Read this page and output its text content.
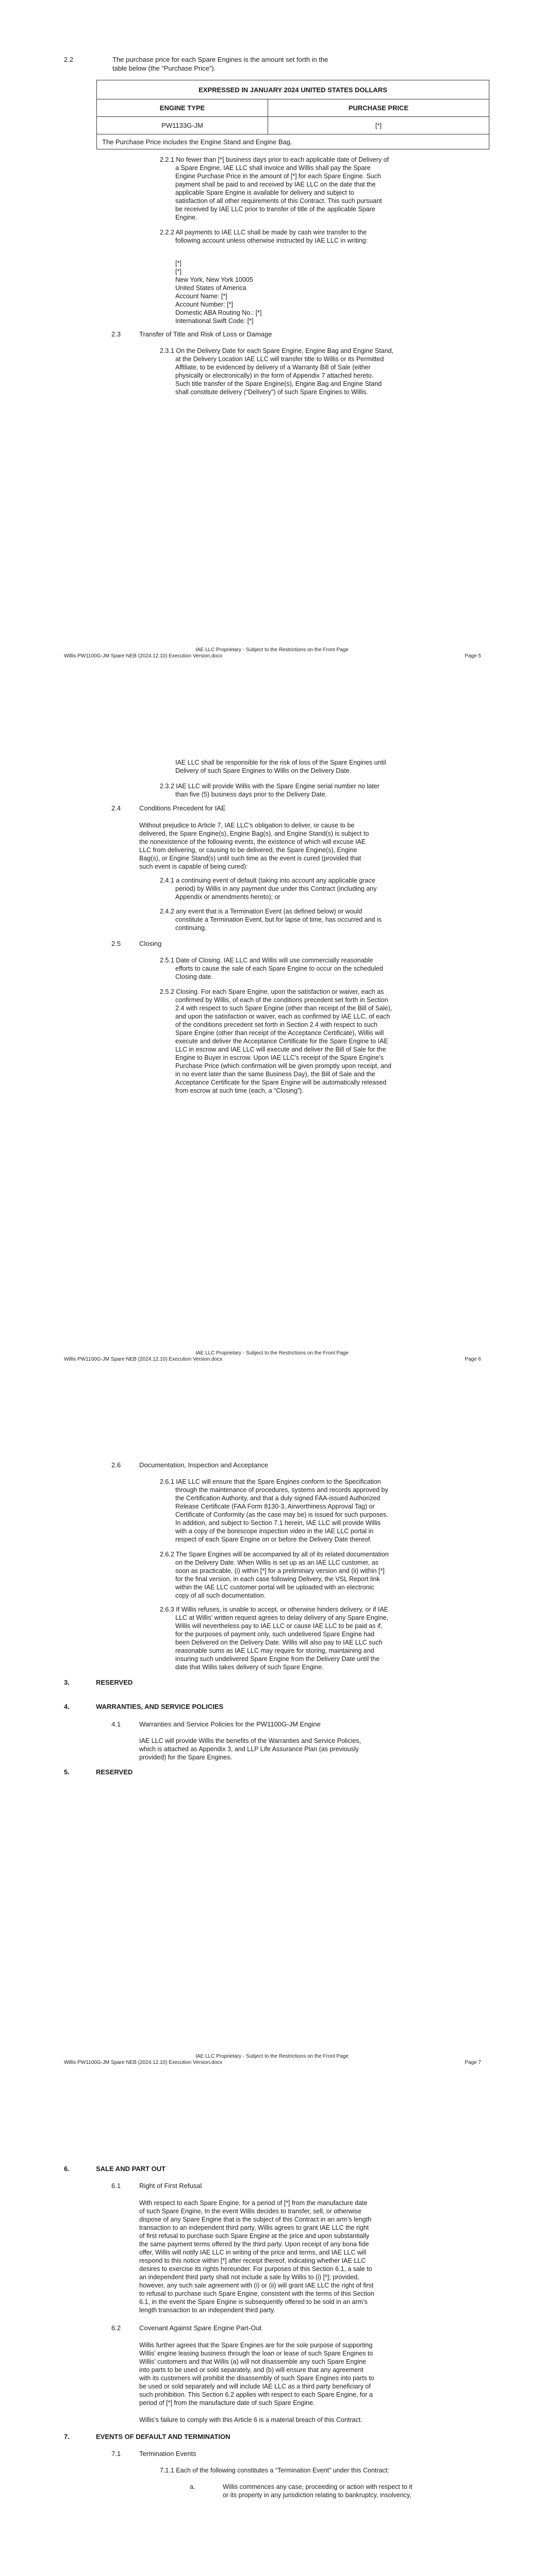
2.2	The purchase price for each Spare Engines is the amount set forth in the
table below (the “Purchase Price”).
EXPRESSED IN JANUARY 2024 UNITED STATES DOLLARS	
ENGINE TYPE	PURCHASE PRICE
PW1133G-JM	[*]
The Purchase Price includes the Engine Stand and Engine Bag.	
2.2.1 No fewer than [*] business days prior to each applicable date of Delivery of
a Spare Engine, IAE LLC shall invoice and Willis shall pay the Spare
Engine Purchase Price in the amount of [*] for each Spare Engine. Such
payment shall be paid to and received by IAE LLC on the date that the
applicable Spare Engine is available for delivery and subject to
satisfaction of all other requirements of this Contract. This such pursuant
be received by IAE LLC prior to transfer of title of the applicable Spare
Engine.
2.2.2 All payments to IAE LLC shall be made by cash wire transfer to the
following account unless otherwise instructed by IAE LLC in writing:
[*]
[*]
New York, New York 10005
United States of America
Account Name: [*]
Account Number: [*]
Domestic ABA Routing No.: [*]
International Swift Code: [*]
2.3	Transfer of Title and Risk of Loss or Damage
2.3.1 On the Delivery Date for each Spare Engine, Engine Bag and Engine Stand,
at the Delivery Location IAE LLC will transfer title to Willis or its Permitted
Affiliate, to be evidenced by delivery of a Warranty Bill of Sale (either
physically or electronically) in the form of Appendix 7 attached hereto.
Such title transfer of the Spare Engine(s), Engine Bag and Engine Stand
shall constitute delivery (“Delivery”) of such Spare Engines to Willis.
IAE LLC Proprietary - Subject to the Restrictions on the Front Page
Willis PW1100G-JM Spare NEB (2024.12.10) Execution Version.docx	Page 5
IAE LLC shall be responsible for the risk of loss of the Spare Engines until
Delivery of such Spare Engines to Willis on the Delivery Date.
2.3.2 IAE LLC will provide Willis with the Spare Engine serial number no later
than five (5) business days prior to the Delivery Date.
2.4	Conditions Precedent for IAE
Without prejudice to Article 7, IAE LLC’s obligation to deliver, or cause to be
delivered, the Spare Engine(s), Engine Bag(s), and Engine Stand(s) is subject to
the nonexistence of the following events, the existence of which will excuse IAE
LLC from delivering, or causing to be delivered, the Spare Engine(s), Engine
Bag(s), or Engine Stand(s) until such time as the event is cured (provided that
such event is capable of being cured):
2.4.1 a continuing event of default (taking into account any applicable grace
period) by Willis in any payment due under this Contract (including any
Appendix or amendments hereto); or
2.4.2 any event that is a Termination Event (as defined below) or would
constitute a Termination Event, but for lapse of time, has occurred and is
continuing.
2.5	Closing
2.5.1 Date of Closing. IAE LLC and Willis will use commercially reasonable
efforts to cause the sale of each Spare Engine to occur on the scheduled
Closing date.
2.5.2 Closing. For each Spare Engine, upon the satisfaction or waiver, each as
confirmed by Willis, of each of the conditions precedent set forth in Section
2.4 with respect to such Spare Engine (other than receipt of the Bill of Sale),
and upon the satisfaction or waiver, each as confirmed by IAE LLC, of each
of the conditions precedent set forth in Section 2.4 with respect to such
Spare Engine (other than receipt of the Acceptance Certificate), Willis will
execute and deliver the Acceptance Certificate for the Spare Engine to IAE
LLC in escrow and IAE LLC will execute and deliver the Bill of Sale for the
Engine to Buyer in escrow. Upon IAE LLC’s receipt of the Spare Engine’s
Purchase Price (which confirmation will be given promptly upon receipt, and
in no event later than the same Business Day), the Bill of Sale and the
Acceptance Certificate for the Spare Engine will be automatically released
from escrow at such time (each, a “Closing”).
IAE LLC Proprietary - Subject to the Restrictions on the Front Page
Willis PW1100G-JM Spare NEB (2024.12.10) Execution Version.docx	Page 6
2.6	Documentation, Inspection and Acceptance
2.6.1 IAE LLC will ensure that the Spare Engines conform to the Specification
through the maintenance of procedures, systems and records approved by
the Certification Authority, and that a duly signed FAA-issued Authorized
Release Certificate (FAA Form 8130-3, Airworthiness Approval Tag) or
Certificate of Conformity (as the case may be) is issued for such purposes.
In addition, and subject to Section 7.1 herein, IAE LLC will provide Willis
with a copy of the borescope inspection video in the IAE LLC portal in
respect of each Spare Engine on or before the Delivery Date thereof.
2.6.2 The Spare Engines will be accompanied by all of its related documentation
on the Delivery Date. When Willis is set up as an IAE LLC customer, as
soon as practicable, (i) within [*] for a preliminary version and (ii) within [*]
for the final version, in each case following Delivery, the VSL Report link
within the IAE LLC customer portal will be uploaded with an electronic
copy of all such documentation.
2.6.3 If Willis refuses, is unable to accept, or otherwise hinders delivery, or if IAE
LLC at Willis’ written request agrees to delay delivery of any Spare Engine,
Willis will nevertheless pay to IAE LLC or cause IAE LLC to be paid as if,
for the purposes of payment only, such undelivered Spare Engine had
been Delivered on the Delivery Date. Willis will also pay to IAE LLC such
reasonable sums as IAE LLC may require for storing, maintaining and
insuring such undelivered Spare Engine from the Delivery Date until the
date that Willis takes delivery of such Spare Engine.
3.	RESERVED
4.	WARRANTIES, AND SERVICE POLICIES
4.1	Warranties and Service Policies for the PW1100G-JM Engine
IAE LLC will provide Willis the benefits of the Warranties and Service Policies,
which is attached as Appendix 3, and LLP Life Assurance Plan (as previously
provided) for the Spare Engines.
5.	RESERVED
IAE LLC Proprietary - Subject to the Restrictions on the Front Page
Willis PW1100G-JM Spare NEB (2024.12.10) Execution Version.docx	Page 7
6.	SALE AND PART OUT
6.1	Right of First Refusal
With respect to each Spare Engine, for a period of [*] from the manufacture date
of such Spare Engine, In the event Willis decides to transfer, sell, or otherwise
dispose of any Spare Engine that is the subject of this Contract in an arm’s length
transaction to an independent third party, Willis agrees to grant IAE LLC the right
of first refusal to purchase such Spare Engine at the price and upon substantially
the same payment terms offered by the third party. Upon receipt of any bona fide
offer, Willis will notify IAE LLC in writing of the price and terms, and IAE LLC will
respond to this notice within [*] after receipt thereof, indicating whether IAE LLC
desires to exercise its rights hereunder. For purposes of this Section 6.1, a sale to
an independent third party shall not include a sale by Willis to (i) [*]; provided,
however, any such sale agreement with (i) or (ii) will grant IAE LLC the right of first
to refusal to purchase such Spare Engine, consistent with the terms of this Section
6.1, in the event the Spare Engine is subsequently offered to be sold in an arm’s
length transaction to an independent third party.
6.2	Covenant Against Spare Engine Part-Out
Willis further agrees that the Spare Engines are for the sole purpose of supporting
Willis’ engine leasing business through the loan or lease of such Spare Engines to
Willis’ customers and that Willis (a) will not disassemble any such Spare Engine
into parts to be used or sold separately, and (b) will ensure that any agreement
with its customers will prohibit the disassembly of such Spare Engines into parts to
be used or sold separately and will include IAE LLC as a third party beneficiary of
such prohibition. This Section 6.2 applies with respect to each Spare Engine, for a
period of [*] from the manufacture date of such Spare Engine.
Willis’s failure to comply with this Article 6 is a material breach of this Contract.
7.	EVENTS OF DEFAULT AND TERMINATION
7.1	Termination Events
7.1.1 Each of the following constitutes a “Termination Event” under this Contract:
a.	Willis commences any case, proceeding or action with respect to it
or its property in any jurisdiction relating to bankruptcy, insolvency,
